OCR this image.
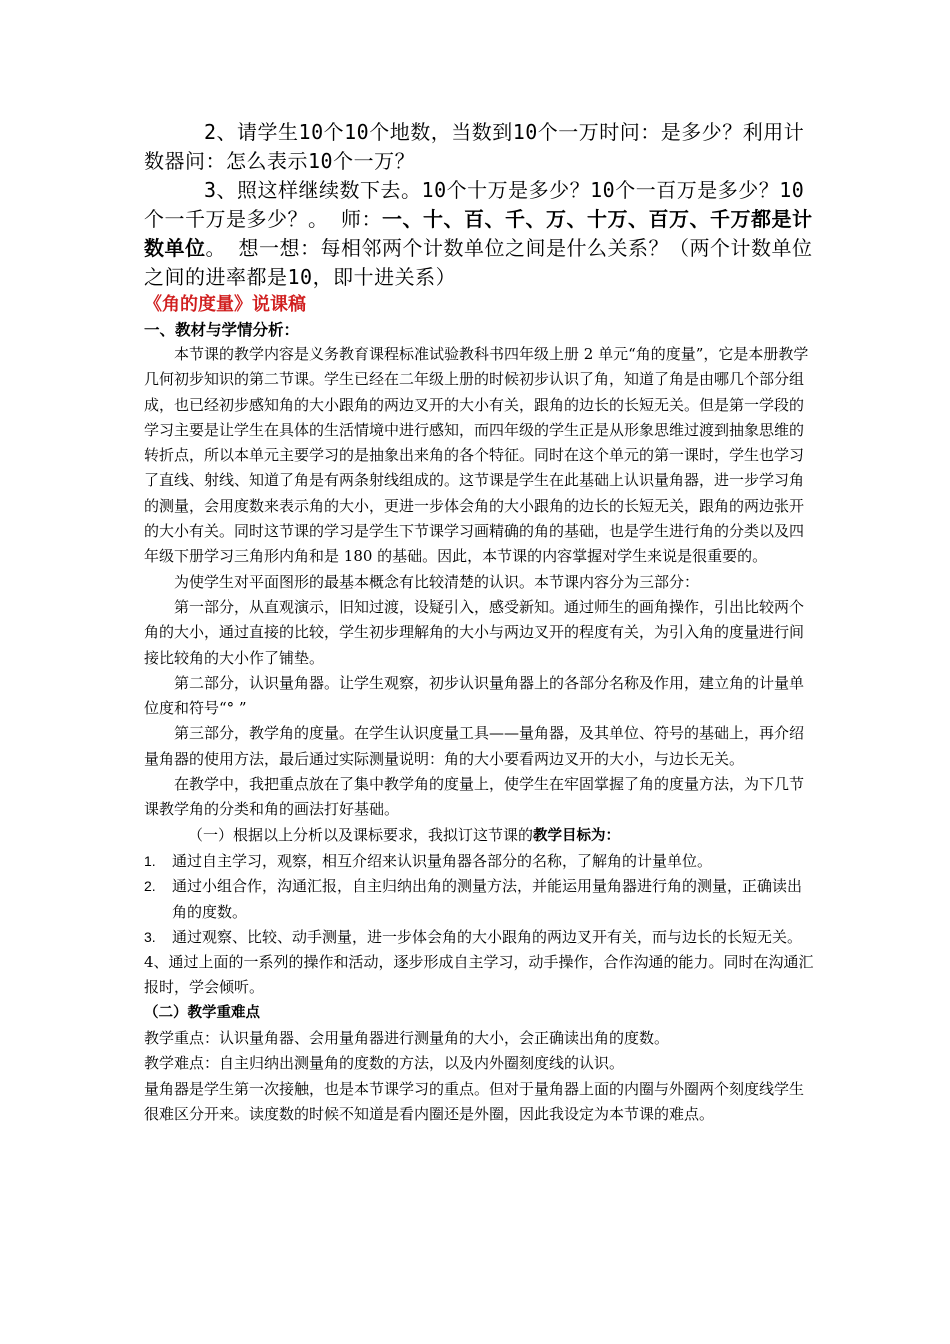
2、请学生10个10个地数，当数到10个一万时问：是多少？利用计数器问：怎么表示10个一万？

3、照这样继续数下去。10个十万是多少？10个一百万是多少？10个一千万是多少？。 师：一、十、百、千、万、十万、百万、千万都是计数单位。 想一想：每相邻两个计数单位之间是什么关系？（两个计数单位之间的进率都是10，即十进关系）

《角的度量》说课稿
一、教材与学情分析：

本节课的教学内容是义务教育课程标准试验教科书四年级上册 2 单元“角的度量”，它是本册教学几何初步知识的第二节课。学生已经在二年级上册的时候初步认识了角，知道了角是由哪几个部分组成，也已经初步感知角的大小跟角的两边叉开的大小有关，跟角的边长的长短无关。但是第一学段的学习主要是让学生在具体的生活情境中进行感知，而四年级的学生正是从形象思维过渡到抽象思维的转折点，所以本单元主要学习的是抽象出来角的各个特征。同时在这个单元的第一课时，学生也学习了直线、射线、知道了角是有两条射线组成的。这节课是学生在此基础上认识量角器，进一步学习角的测量，会用度数来表示角的大小，更进一步体会角的大小跟角的边长的长短无关，跟角的两边张开的大小有关。同时这节课的学习是学生下节课学习画精确的角的基础，也是学生进行角的分类以及四年级下册学习三角形内角和是 180 的基础。因此，本节课的内容掌握对学生来说是很重要的。

为使学生对平面图形的最基本概念有比较清楚的认识。本节课内容分为三部分：

第一部分，从直观演示，旧知过渡，设疑引入，感受新知。通过师生的画角操作，引出比较两个角的大小，通过直接的比较，学生初步理解角的大小与两边叉开的程度有关，为引入角的度量进行间接比较角的大小作了铺垫。

第二部分，认识量角器。让学生观察，初步认识量角器上的各部分名称及作用，建立角的计量单位度和符号“° ”

第三部分，教学角的度量。在学生认识度量工具——量角器，及其单位、符号的基础上，再介绍量角器的使用方法，最后通过实际测量说明：角的大小要看两边叉开的大小，与边长无关。

在教学中，我把重点放在了集中教学角的度量上，使学生在牢固掌握了角的度量方法，为下几节课教学角的分类和角的画法打好基础。

（一）根据以上分析以及课标要求，我拟订这节课的教学目标为：

1. 通过自主学习，观察，相互介绍来认识量角器各部分的名称，了解角的计量单位。
2. 通过小组合作，沟通汇报，自主归纳出角的测量方法，并能运用量角器进行角的测量，正确读出角的度数。
3. 通过观察、比较、动手测量，进一步体会角的大小跟角的两边叉开有关，而与边长的长短无关。

4、通过上面的一系列的操作和活动，逐步形成自主学习，动手操作，合作沟通的能力。同时在沟通汇报时，学会倾听。

（二）教学重难点

教学重点：认识量角器、会用量角器进行测量角的大小，会正确读出角的度数。

教学难点：自主归纳出测量角的度数的方法，以及内外圈刻度线的认识。

量角器是学生第一次接触，也是本节课学习的重点。但对于量角器上面的内圈与外圈两个刻度线学生很难区分开来。读度数的时候不知道是看内圈还是外圈，因此我设定为本节课的难点。
